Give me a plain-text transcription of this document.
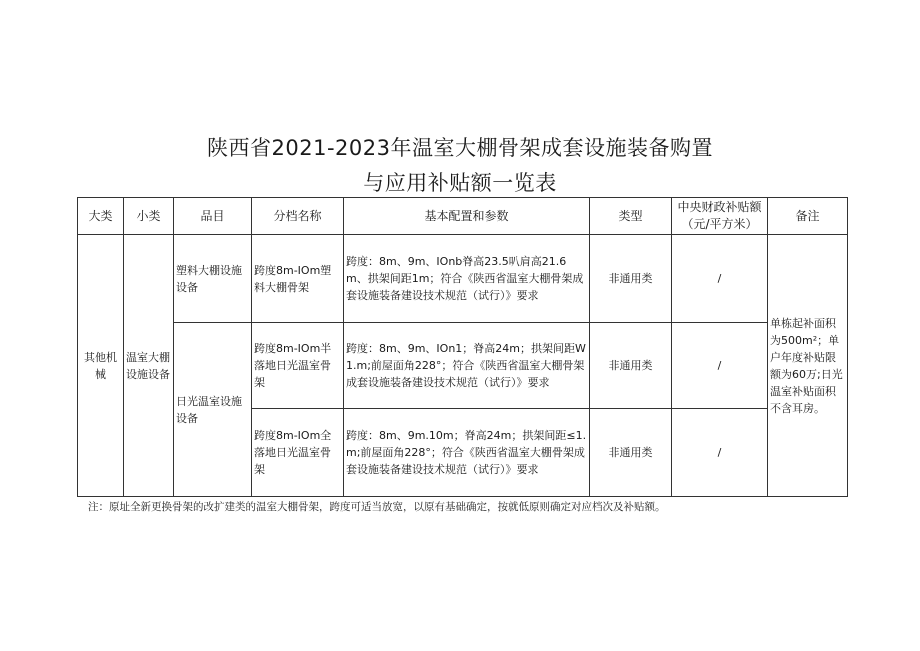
陕西省2021-2023年温室大棚骨架成套设施装备购置
与应用补贴额一览表
大类	小类	品目	分档名称	基本配置和参数	类型	中央财政补贴额（元/平方米）	备注
其他机械	温室大棚设施设备	塑料大棚设施设备	跨度8m-IOm塑料大棚骨架	跨度：8m、9m、IOnb脊高23.5叭肩高21.6m、拱架间距1m；符合《陕西省温室大棚骨架成套设施装备建设技术规范（试行）》要求	非通用类	/	单栋起补面积为500m²；单户年度补贴限额为60万;日光温室补贴面积不含耳房。
		日光温室设施设备	跨度8m-IOm半落地日光温室骨架	跨度：8m、9m、IOn1；脊高24m；拱架间距W1.m;前屋面角228°；符合《陕西省温室大棚骨架成套设施装备建设技术规范（试行）》要求	非通用类	/	
			跨度8m-IOm全落地日光温室骨架	跨度：8m、9m.10m；脊高24m；拱架间距≤1.m;前屋面角228°；符合《陕西省温室大棚骨架成套设施装备建设技术规范（试行）》要求	非通用类	/	
注：原址全新更换骨架的改扩建类的温室大棚骨架，跨度可适当放宽，以原有基础确定，按就低原则确定对应档次及补贴额。
